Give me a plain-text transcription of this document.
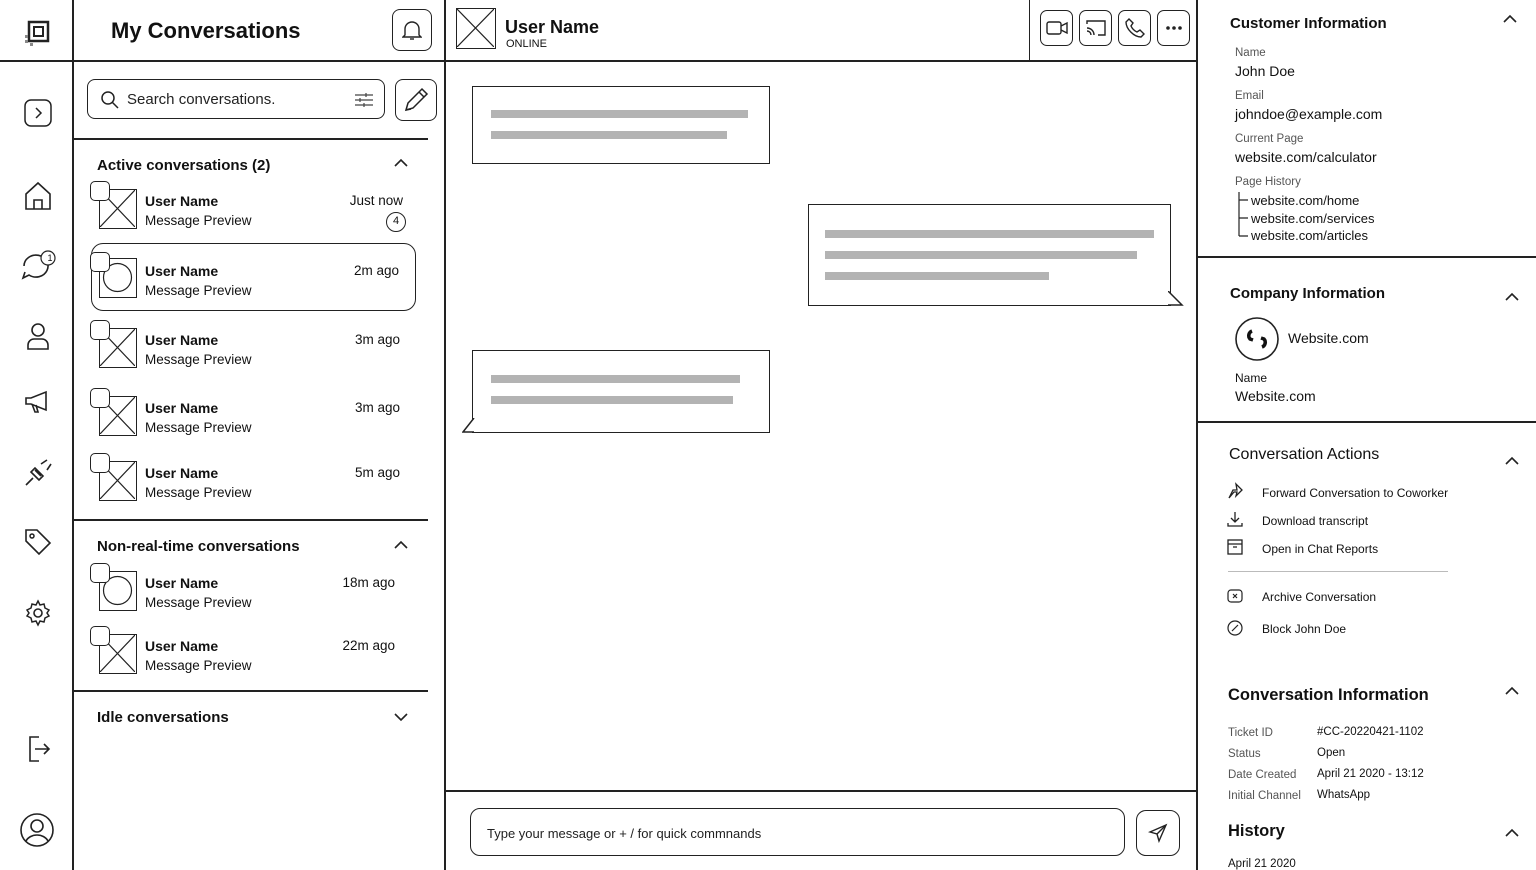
1
My Conversations
Search conversations.
Active conversations (2)
User Name
Message Preview
Just now
4
User Name
Message Preview
2m ago
User Name
Message Preview
3m ago
User Name
Message Preview
3m ago
User Name
Message Preview
5m ago
Non-real-time conversations
User Name
Message Preview
18m ago
User Name
Message Preview
22m ago
Idle conversations
User Name
ONLINE
Type your message or + / for quick commnands
Customer Information
Name
John Doe
Email
johndoe@example.com
Current Page
website.com/calculator
Page History
website.com/home
website.com/services
website.com/articles
Company Information
Website.com
Name
Website.com
Conversation Actions
Forward Conversation to Coworker
Download transcript
Open in Chat Reports
Archive Conversation
Block John Doe
Conversation Information
Ticket ID	#CC-20220421-1102
Status	Open
Date Created April 21 2020 - 13:12
Initial Channel WhatsApp
History
April 21 2020
